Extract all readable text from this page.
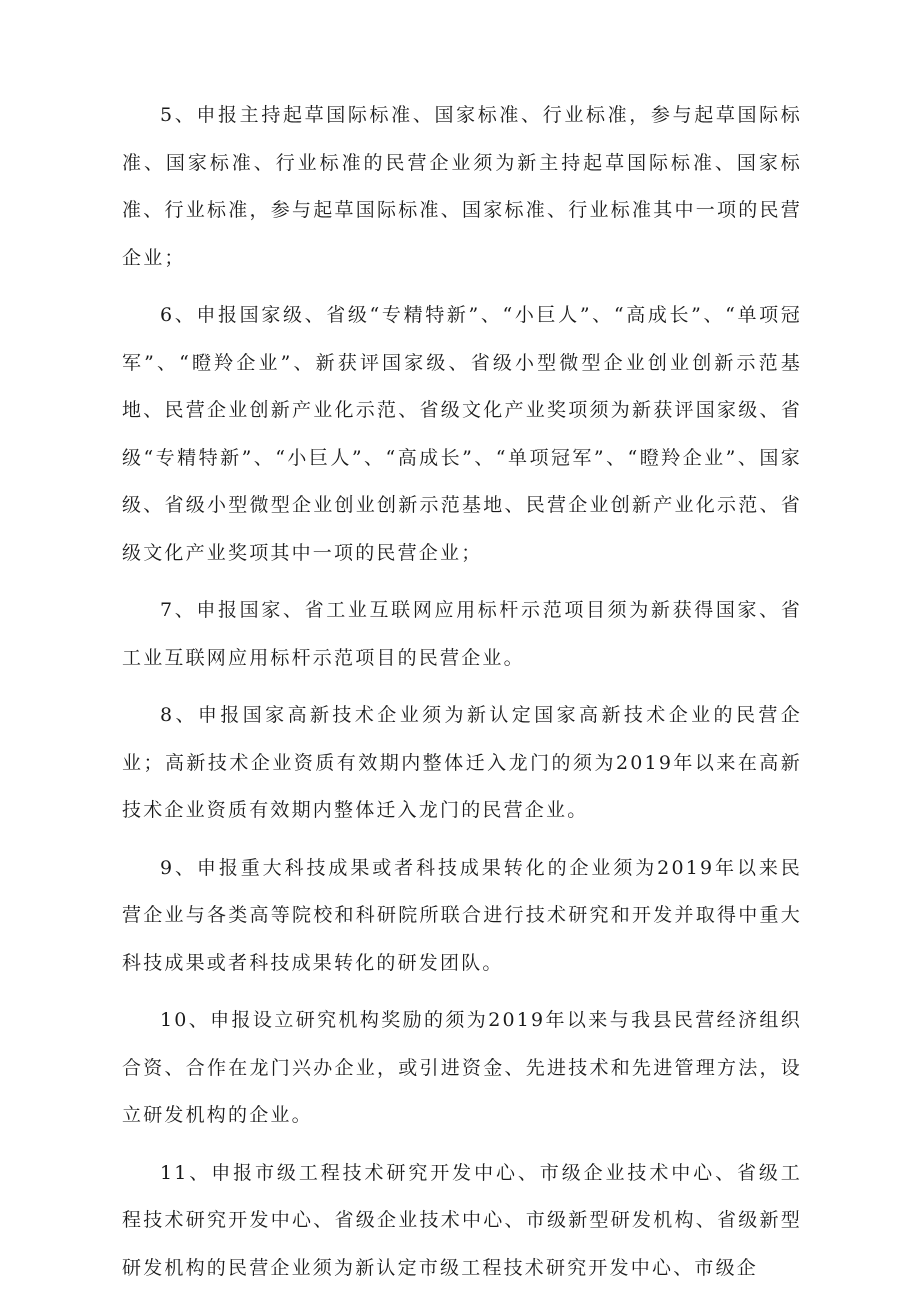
5、申报主持起草国际标准、国家标准、行业标准，参与起草国际标准、国家标准、行业标准的民营企业须为新主持起草国际标准、国家标准、行业标准，参与起草国际标准、国家标准、行业标准其中一项的民营企业；

6、申报国家级、省级“专精特新”、“小巨人”、“高成长”、“单项冠军”、“瞪羚企业”、新获评国家级、省级小型微型企业创业创新示范基地、民营企业创新产业化示范、省级文化产业奖项须为新获评国家级、省级“专精特新”、“小巨人”、“高成长”、“单项冠军”、“瞪羚企业”、国家级、省级小型微型企业创业创新示范基地、民营企业创新产业化示范、省级文化产业奖项其中一项的民营企业；

7、申报国家、省工业互联网应用标杆示范项目须为新获得国家、省工业互联网应用标杆示范项目的民营企业。

8、申报国家高新技术企业须为新认定国家高新技术企业的民营企业；高新技术企业资质有效期内整体迁入龙门的须为2019年以来在高新技术企业资质有效期内整体迁入龙门的民营企业。

9、申报重大科技成果或者科技成果转化的企业须为2019年以来民营企业与各类高等院校和科研院所联合进行技术研究和开发并取得中重大科技成果或者科技成果转化的研发团队。

10、申报设立研究机构奖励的须为2019年以来与我县民营经济组织合资、合作在龙门兴办企业，或引进资金、先进技术和先进管理方法，设立研发机构的企业。

11、申报市级工程技术研究开发中心、市级企业技术中心、省级工程技术研究开发中心、省级企业技术中心、市级新型研发机构、省级新型研发机构的民营企业须为新认定市级工程技术研究开发中心、市级企
